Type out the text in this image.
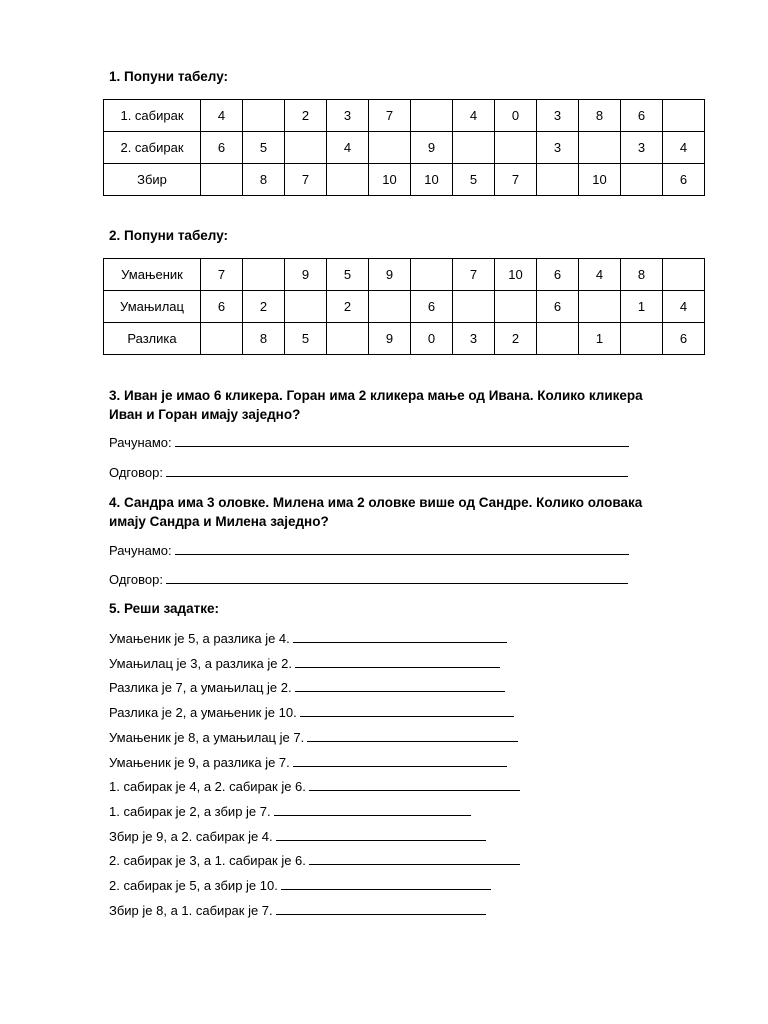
1. Попуни табелу:
1. сабирак	4		2	3	7		4	0	3	8	6	
2. сабирак	6	5		4		9			3		3	4
Збир		8	7		10	10	5	7		10		6
2. Попуни табелу:
Умањеник	7		9	5	9		7	10	6	4	8	
Умањилац	6	2		2		6			6		1	4
Разлика		8	5		9	0	3	2		1		6
3. Иван је имао 6 кликера. Горан има 2 кликера мање од Ивана. Колико кликера Иван и Горан имају заједно?
Рачунамо:
Одговор:
4. Сандра има 3 оловке. Милена има 2 оловке више од Сандре. Колико оловака имају Сандра и Милена заједно?
Рачунамо:
Одговор:
5. Реши задатке:
Умањеник је 5, а разлика је 4.
Умањилац је 3, а разлика је 2.
Разлика је 7, а умањилац је 2.
Разлика је 2, а умањеник је 10.
Умањеник је 8, а умањилац је 7.
Умањеник је 9, а разлика је 7.
1. сабирак је 4, а 2. сабирак је 6.
1. сабирак је 2, а збир је 7.
Збир је 9, а 2. сабирак је 4.
2. сабирак је 3, а 1. сабирак је 6.
2. сабирак је 5, а збир је 10.
Збир је 8, а 1. сабирак је 7.
